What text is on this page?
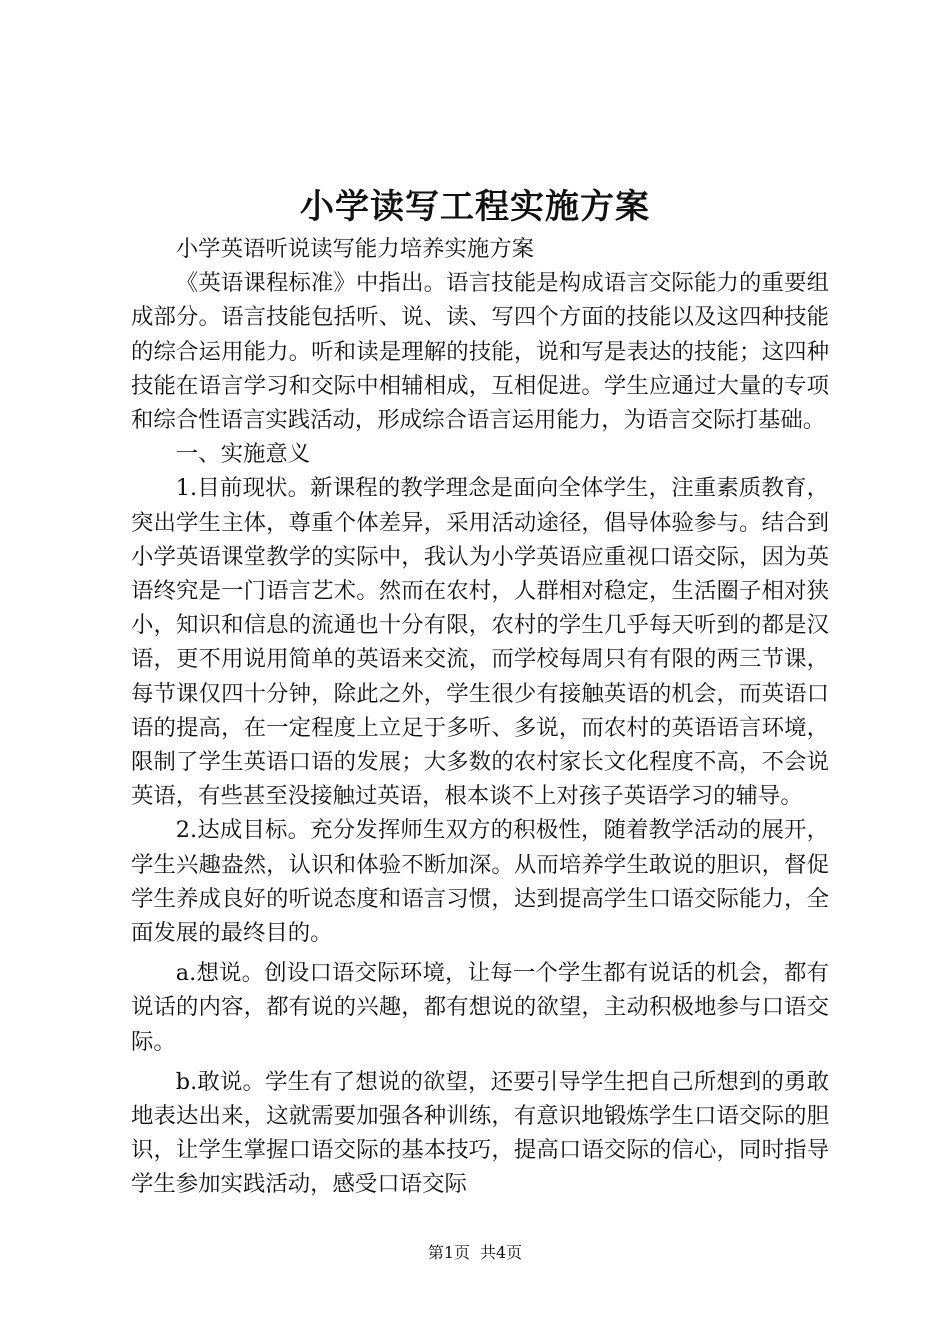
小学读写工程实施方案

小学英语听说读写能力培养实施方案

《英语课程标准》中指出。语言技能是构成语言交际能力的重要组成部分。语言技能包括听、说、读、写四个方面的技能以及这四种技能的综合运用能力。听和读是理解的技能，说和写是表达的技能；这四种技能在语言学习和交际中相辅相成，互相促进。学生应通过大量的专项和综合性语言实践活动，形成综合语言运用能力，为语言交际打基础。

一、实施意义

1.目前现状。新课程的教学理念是面向全体学生，注重素质教育，突出学生主体，尊重个体差异，采用活动途径，倡导体验参与。结合到小学英语课堂教学的实际中，我认为小学英语应重视口语交际，因为英语终究是一门语言艺术。然而在农村，人群相对稳定，生活圈子相对狭小，知识和信息的流通也十分有限，农村的学生几乎每天听到的都是汉语，更不用说用简单的英语来交流，而学校每周只有有限的两三节课，每节课仅四十分钟，除此之外，学生很少有接触英语的机会，而英语口语的提高，在一定程度上立足于多听、多说，而农村的英语语言环境，限制了学生英语口语的发展；大多数的农村家长文化程度不高，不会说英语，有些甚至没接触过英语，根本谈不上对孩子英语学习的辅导。

2.达成目标。充分发挥师生双方的积极性，随着教学活动的展开，学生兴趣盎然，认识和体验不断加深。从而培养学生敢说的胆识，督促学生养成良好的听说态度和语言习惯，达到提高学生口语交际能力，全面发展的最终目的。

a.想说。创设口语交际环境，让每一个学生都有说话的机会，都有说话的内容，都有说的兴趣，都有想说的欲望，主动积极地参与口语交际。

b.敢说。学生有了想说的欲望，还要引导学生把自己所想到的勇敢地表达出来，这就需要加强各种训练，有意识地锻炼学生口语交际的胆识，让学生掌握口语交际的基本技巧，提高口语交际的信心，同时指导学生参加实践活动，感受口语交际

第1页 共4页
